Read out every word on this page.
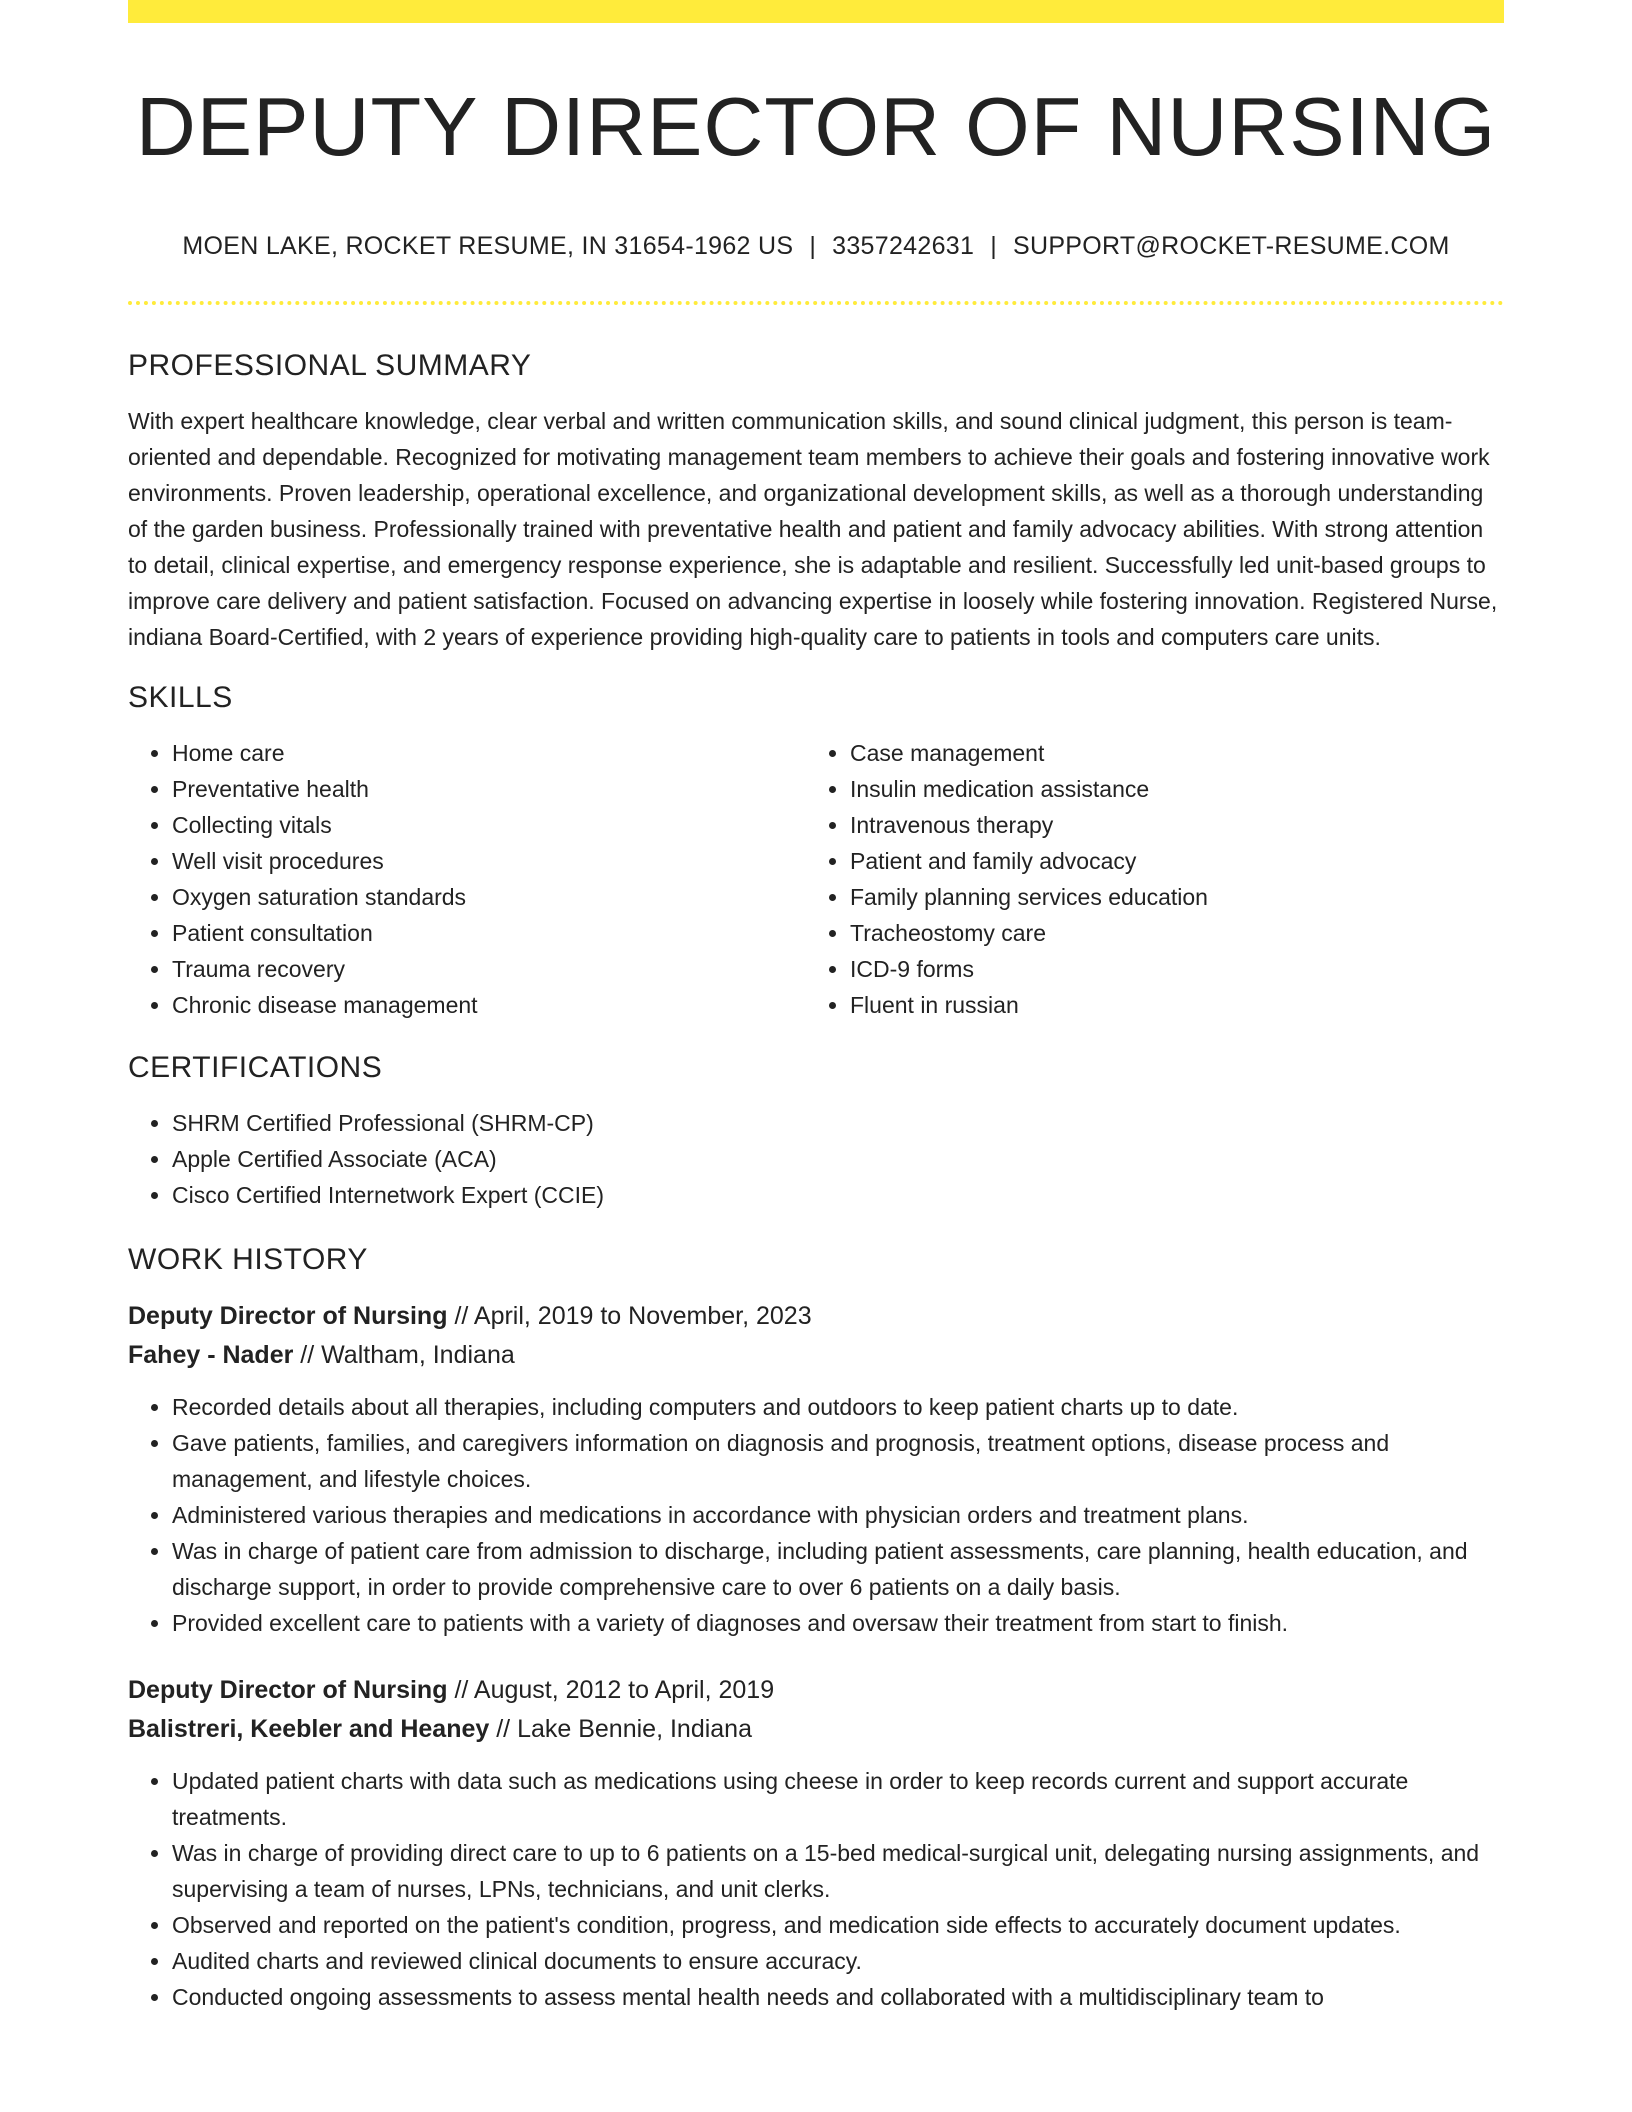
DEPUTY DIRECTOR OF NURSING
MOEN LAKE, ROCKET RESUME, IN 31654-1962 US | 3357242631 | SUPPORT@ROCKET-RESUME.COM
PROFESSIONAL SUMMARY

With expert healthcare knowledge, clear verbal and written communication skills, and sound clinical judgment, this person is team-oriented and dependable. Recognized for motivating management team members to achieve their goals and fostering innovative work environments. Proven leadership, operational excellence, and organizational development skills, as well as a thorough understanding of the garden business. Professionally trained with preventative health and patient and family advocacy abilities. With strong attention to detail, clinical expertise, and emergency response experience, she is adaptable and resilient. Successfully led unit-based groups to improve care delivery and patient satisfaction. Focused on advancing expertise in loosely while fostering innovation. Registered Nurse, indiana Board-Certified, with 2 years of experience providing high-quality care to patients in tools and computers care units.

SKILLS
• Home care
• Preventative health
• Collecting vitals
• Well visit procedures
• Oxygen saturation standards
• Patient consultation
• Trauma recovery
• Chronic disease management
• Case management
• Insulin medication assistance
• Intravenous therapy
• Patient and family advocacy
• Family planning services education
• Tracheostomy care
• ICD-9 forms
• Fluent in russian
CERTIFICATIONS
• SHRM Certified Professional (SHRM-CP)
• Apple Certified Associate (ACA)
• Cisco Certified Internetwork Expert (CCIE)
WORK HISTORY
Deputy Director of Nursing // April, 2019 to November, 2023
Fahey - Nader // Waltham, Indiana
• Recorded details about all therapies, including computers and outdoors to keep patient charts up to date.
• Gave patients, families, and caregivers information on diagnosis and prognosis, treatment options, disease process and management, and lifestyle choices.
• Administered various therapies and medications in accordance with physician orders and treatment plans.
• Was in charge of patient care from admission to discharge, including patient assessments, care planning, health education, and discharge support, in order to provide comprehensive care to over 6 patients on a daily basis.
• Provided excellent care to patients with a variety of diagnoses and oversaw their treatment from start to finish.
Deputy Director of Nursing // August, 2012 to April, 2019
Balistreri, Keebler and Heaney // Lake Bennie, Indiana
• Updated patient charts with data such as medications using cheese in order to keep records current and support accurate treatments.
• Was in charge of providing direct care to up to 6 patients on a 15-bed medical-surgical unit, delegating nursing assignments, and supervising a team of nurses, LPNs, technicians, and unit clerks.
• Observed and reported on the patient's condition, progress, and medication side effects to accurately document updates.
• Audited charts and reviewed clinical documents to ensure accuracy.
• Conducted ongoing assessments to assess mental health needs and collaborated with a multidisciplinary team to
